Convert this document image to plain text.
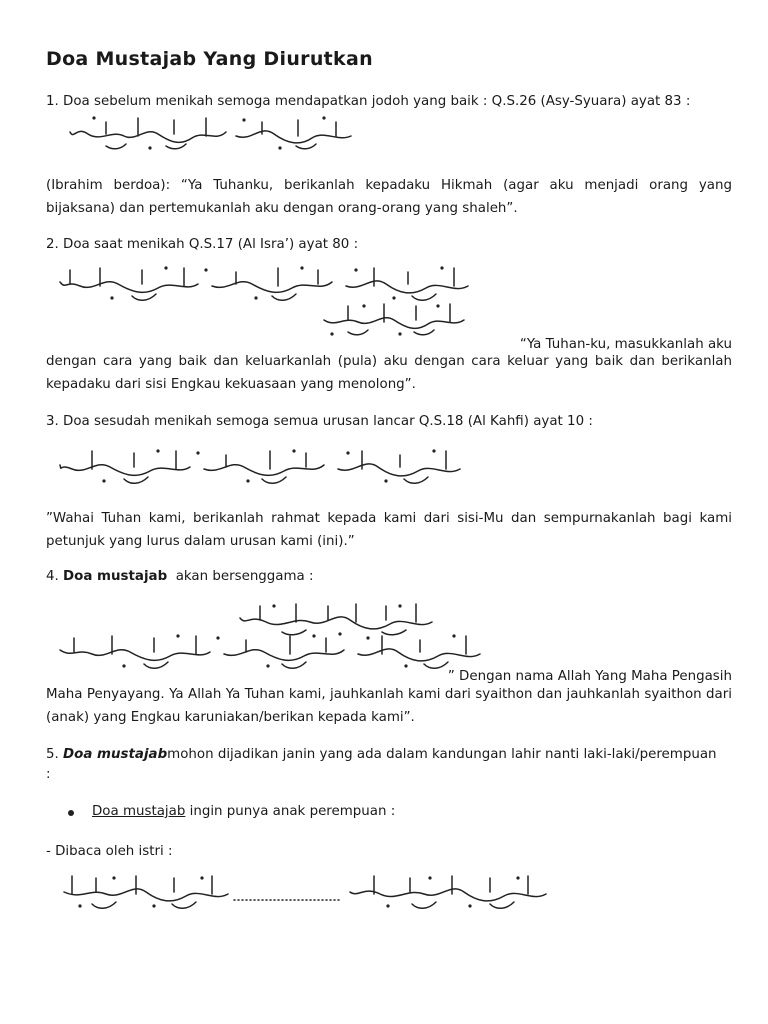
Doa Mustajab Yang Diurutkan

1. Doa sebelum menikah semoga mendapatkan jodoh yang baik : Q.S.26 (Asy-Syuara) ayat 83 :

(Ibrahim berdoa): “Ya Tuhanku, berikanlah kepadaku Hikmah (agar aku menjadi orang yang bijaksana) dan pertemukanlah aku dengan orang-orang yang shaleh”.

2. Doa saat menikah Q.S.17 (Al Isra’) ayat 80 :

“Ya Tuhan-ku, masukkanlah aku

dengan cara yang baik dan keluarkanlah (pula) aku dengan cara keluar yang baik dan berikanlah kepadaku dari sisi Engkau kekuasaan yang menolong”.

3. Doa sesudah menikah semoga semua urusan lancar Q.S.18 (Al Kahfi) ayat 10 :

”Wahai Tuhan kami, berikanlah rahmat kepada kami dari sisi-Mu dan sempurnakanlah bagi kami petunjuk yang lurus dalam urusan kami (ini).”

4. Doa mustajab akan bersenggama :

” Dengan nama Allah Yang Maha Pengasih

Maha Penyayang. Ya Allah Ya Tuhan kami, jauhkanlah kami dari syaithon dan jauhkanlah syaithon dari (anak) yang Engkau karuniakan/berikan kepada kami”.

5. Doa mustajabmohon dijadikan janin yang ada dalam kandungan lahir nanti laki-laki/perempuan

:

Doa mustajab ingin punya anak perempuan :

- Dibaca oleh istri :
